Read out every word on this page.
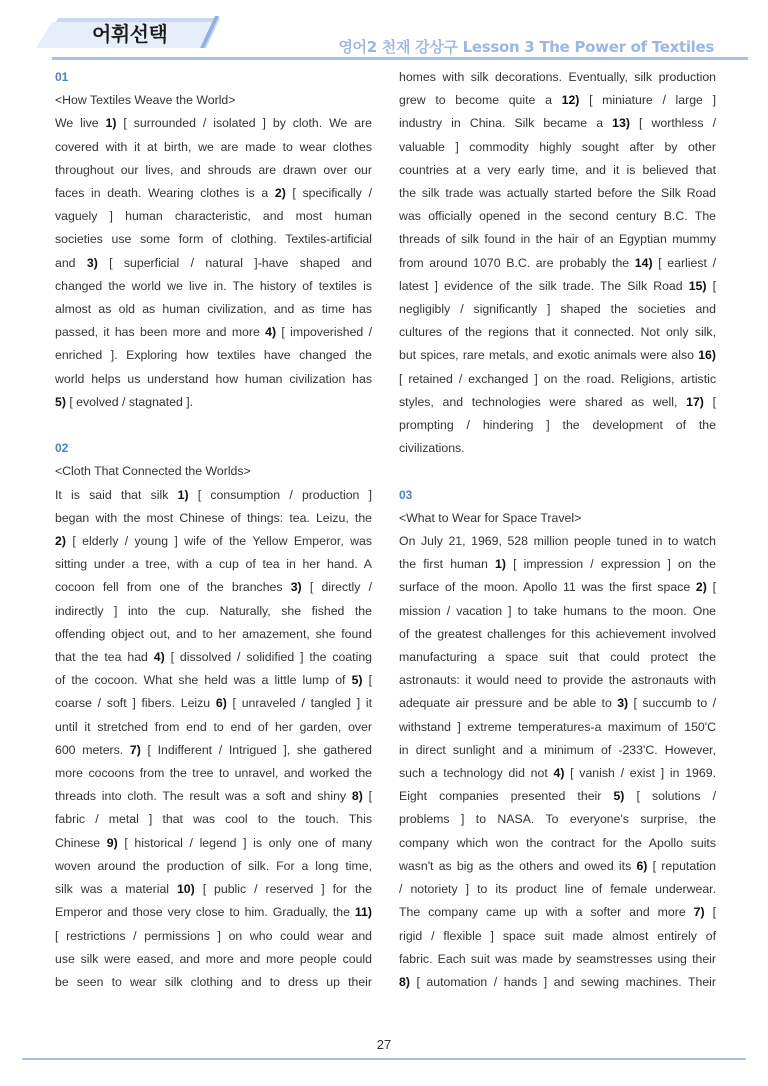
어휘선택
영어2 천재 강상구 Lesson 3 The Power of Textiles

01

<How Textiles Weave the World>

We live 1) [ surrounded / isolated ] by cloth. We are
covered with it at birth, we are made to wear clothes
throughout our lives, and shrouds are drawn over our
faces in death. Wearing clothes is a 2) [ specifically /
vaguely ] human characteristic, and most human
societies use some form of clothing. Textiles-artificial
and 3) [ superficial / natural ]-have shaped and
changed the world we live in. The history of textiles is
almost as old as human civilization, and as time has
passed, it has been more and more 4) [ impoverished /
enriched ]. Exploring how textiles have changed the
world helps us understand how human civilization has
5) [ evolved / stagnated ].

02

<Cloth That Connected the Worlds>

It is said that silk 1) [ consumption / production ]
began with the most Chinese of things: tea. Leizu, the
2) [ elderly / young ] wife of the Yellow Emperor, was
sitting under a tree, with a cup of tea in her hand. A
cocoon fell from one of the branches 3) [ directly /
indirectly ] into the cup. Naturally, she fished the
offending object out, and to her amazement, she found
that the tea had 4) [ dissolved / solidified ] the coating
of the cocoon. What she held was a little lump of 5) [
coarse / soft ] fibers. Leizu 6) [ unraveled / tangled ] it
until it stretched from end to end of her garden, over
600 meters. 7) [ Indifferent / Intrigued ], she gathered
more cocoons from the tree to unravel, and worked the
threads into cloth. The result was a soft and shiny 8) [
fabric / metal ] that was cool to the touch. This
Chinese 9) [ historical / legend ] is only one of many
woven around the production of silk. For a long time,
silk was a material 10) [ public / reserved ] for the
Emperor and those very close to him. Gradually, the 11)
[ restrictions / permissions ] on who could wear and
use silk were eased, and more and more people could
be seen to wear silk clothing and to dress up their
homes with silk decorations. Eventually, silk production
grew to become quite a 12) [ miniature / large ]
industry in China. Silk became a 13) [ worthless /
valuable ] commodity highly sought after by other
countries at a very early time, and it is believed that
the silk trade was actually started before the Silk Road
was officially opened in the second century B.C. The
threads of silk found in the hair of an Egyptian mummy
from around 1070 B.C. are probably the 14) [ earliest /
latest ] evidence of the silk trade. The Silk Road 15) [
negligibly / significantly ] shaped the societies and
cultures of the regions that it connected. Not only silk,
but spices, rare metals, and exotic animals were also 16)
[ retained / exchanged ] on the road. Religions, artistic
styles, and technologies were shared as well, 17) [
prompting / hindering ] the development of the
civilizations.

03

<What to Wear for Space Travel>

On July 21, 1969, 528 million people tuned in to watch
the first human 1) [ impression / expression ] on the
surface of the moon. Apollo 11 was the first space 2) [
mission / vacation ] to take humans to the moon. One
of the greatest challenges for this achievement involved
manufacturing a space suit that could protect the
astronauts: it would need to provide the astronauts with
adequate air pressure and be able to 3) [ succumb to /
withstand ] extreme temperatures-a maximum of 150'C
in direct sunlight and a minimum of -233'C. However,
such a technology did not 4) [ vanish / exist ] in 1969.
Eight companies presented their 5) [ solutions /
problems ] to NASA. To everyone's surprise, the
company which won the contract for the Apollo suits
wasn't as big as the others and owed its 6) [ reputation
/ notoriety ] to its product line of female underwear.
The company came up with a softer and more 7) [
rigid / flexible ] space suit made almost entirely of
fabric. Each suit was made by seamstresses using their
8) [ automation / hands ] and sewing machines. Their
27
